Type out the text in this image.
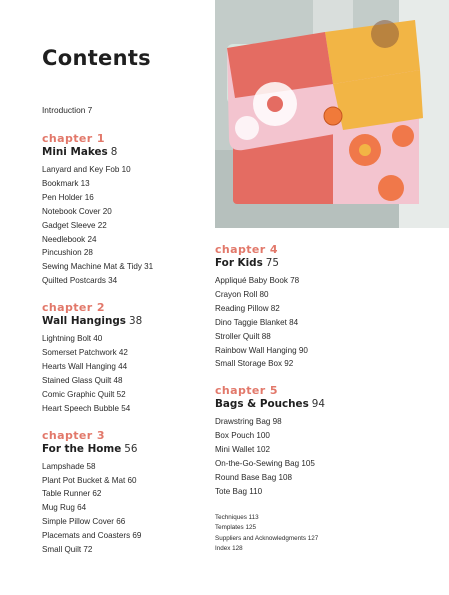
Contents
Introduction 7
chapter 1
Mini Makes 8
Lanyard and Key Fob 10
Bookmark 13
Pen Holder 16
Notebook Cover 20
Gadget Sleeve 22
Needlebook 24
Pincushion 28
Sewing Machine Mat & Tidy 31
Quilted Postcards 34
chapter 2
Wall Hangings 38
Lightning Bolt 40
Somerset Patchwork 42
Hearts Wall Hanging 44
Stained Glass Quilt 48
Comic Graphic Quilt 52
Heart Speech Bubble 54
chapter 3
For the Home 56
Lampshade 58
Plant Pot Bucket & Mat 60
Table Runner 62
Mug Rug 64
Simple Pillow Cover 66
Placemats and Coasters 69
Small Quilt 72
chapter 4
For Kids 75
Appliqué Baby Book 78
Crayon Roll 80
Reading Pillow 82
Dino Taggie Blanket 84
Stroller Quilt 88
Rainbow Wall Hanging 90
Small Storage Box 92
chapter 5
Bags & Pouches 94
Drawstring Bag 98
Box Pouch 100
Mini Wallet 102
On-the-Go-Sewing Bag 105
Round Base Bag 108
Tote Bag 110
Techniques 113
Templates 125
Suppliers and Acknowledgments 127
Index 128
